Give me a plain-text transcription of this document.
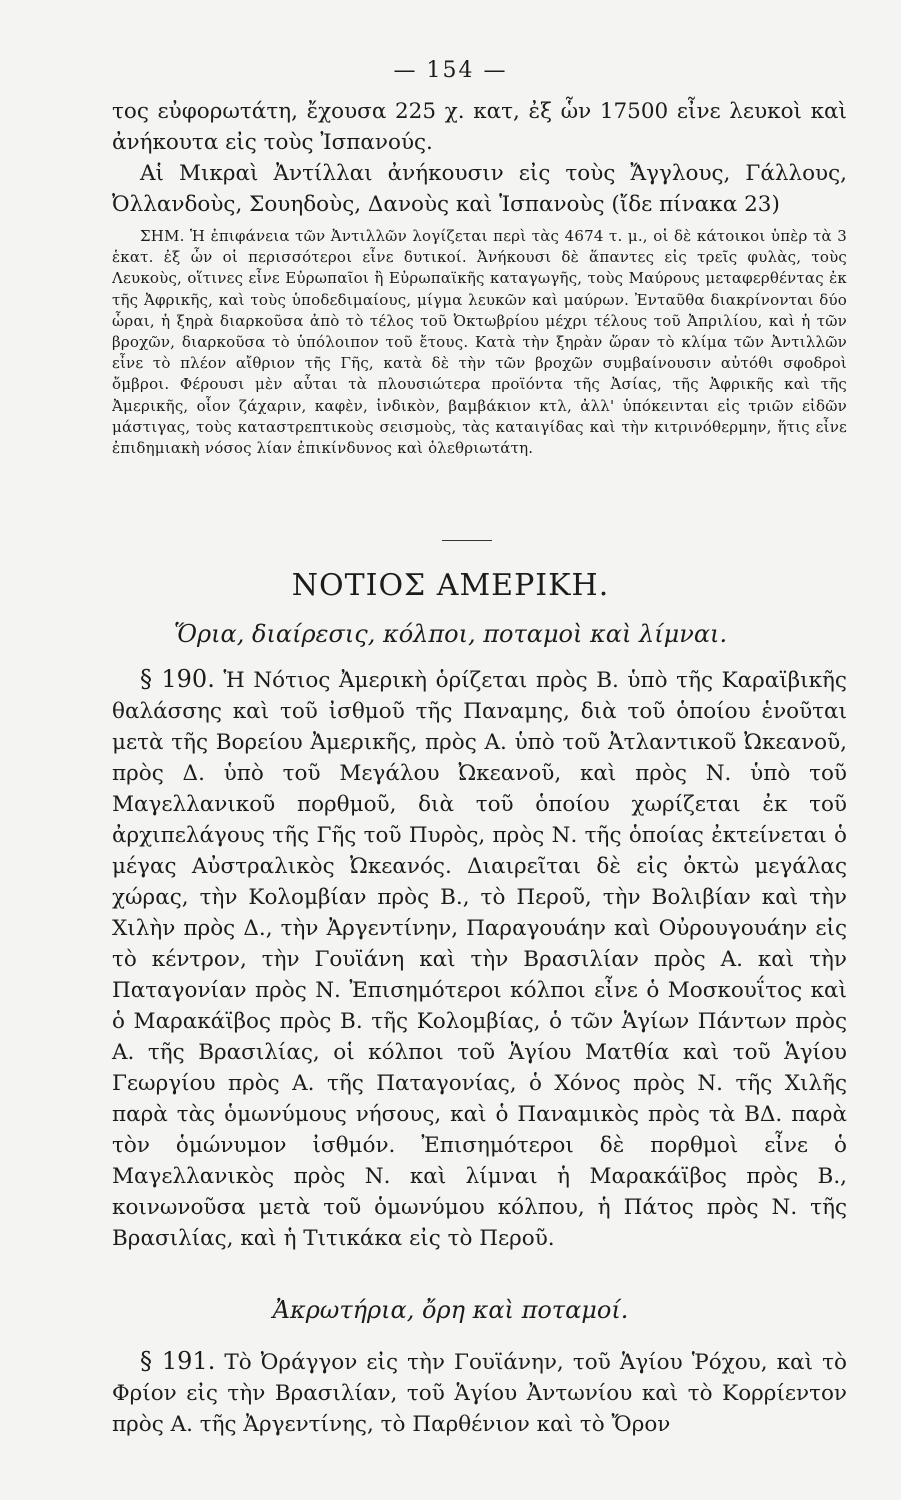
— 154 —

τος εὐφορωτάτη, ἔχουσα 225 χ. κατ, ἐξ ὧν 17500 εἶνε λευκοὶ καὶ ἀνήκουτα εἰς τοὺς Ἰσπανούς.

Αἱ Μικραὶ Ἀντίλλαι ἀνήκουσιν εἰς τοὺς Ἄγγλους, Γάλλους, Ὀλλανδοὺς, Σουηδοὺς, Δανοὺς καὶ Ἱσπανοὺς (ἴδε πίνακα 23)

ΣΗΜ. Ἡ ἐπιφάνεια τῶν Ἀντιλλῶν λογίζεται περὶ τὰς 4674 τ. μ., οἱ δὲ κάτοικοι ὑπὲρ τὰ 3 ἑκατ. ἐξ ὧν οἱ περισσότεροι εἶνε δυτικοί. Ἀνήκουσι δὲ ἅπαντες εἰς τρεῖς φυλὰς, τοὺς Λευκοὺς, οἵτινες εἶνε Εὐρωπαῖοι ἢ Εὐρωπαϊκῆς καταγωγῆς, τοὺς Μαύρους μεταφερθέντας ἐκ τῆς Ἀφρικῆς, καὶ τοὺς ὑποδεδιμαίους, μίγμα λευκῶν καὶ μαύρων. Ἐνταῦθα διακρίνονται δύο ὧραι, ἡ ξηρὰ διαρκοῦσα ἀπὸ τὸ τέλος τοῦ Ὀκτωβρίου μέχρι τέλους τοῦ Ἀπριλίου, καὶ ἡ τῶν βροχῶν, διαρκοῦσα τὸ ὑπόλοιπον τοῦ ἔτους. Κατὰ τὴν ξηρὰν ὥραν τὸ κλίμα τῶν Ἀντιλλῶν εἶνε τὸ πλέον αἴθριον τῆς Γῆς, κατὰ δὲ τὴν τῶν βροχῶν συμβαίνουσιν αὐτόθι σφοδροὶ ὄμβροι. Φέρουσι μὲν αὗται τὰ πλουσιώτερα προϊόντα τῆς Ἀσίας, τῆς Ἀφρικῆς καὶ τῆς Ἀμερικῆς, οἷον ζάχαριν, καφὲν, ἰνδικὸν, βαμβάκιον κτλ, ἀλλ' ὑπόκεινται εἰς τριῶν εἰδῶν μάστιγας, τοὺς καταστρεπτικοὺς σεισμοὺς, τὰς καταιγίδας καὶ τὴν κιτρινόθερμην, ἥτις εἶνε ἐπιδημιακὴ νόσος λίαν ἐπικίνδυνος καὶ ὀλεθριωτάτη.

ΝΟΤΙΟΣ ΑΜΕΡΙΚΗ.
Ὅρια, διαίρεσις, κόλποι, ποταμοὶ καὶ λίμναι.

§ 190. Ἡ Νότιος Ἀμερικὴ ὁρίζεται πρὸς Β. ὑπὸ τῆς Καραϊβικῆς θαλάσσης καὶ τοῦ ἰσθμοῦ τῆς Παναμης, διὰ τοῦ ὁποίου ἑνοῦται μετὰ τῆς Βορείου Ἀμερικῆς, πρὸς Α. ὑπὸ τοῦ Ἀτλαντικοῦ Ὠκεανοῦ, πρὸς Δ. ὑπὸ τοῦ Μεγάλου Ὠκεανοῦ, καὶ πρὸς Ν. ὑπὸ τοῦ Μαγελλανικοῦ πορθμοῦ, διὰ τοῦ ὁποίου χωρίζεται ἐκ τοῦ ἀρχιπελάγους τῆς Γῆς τοῦ Πυρὸς, πρὸς Ν. τῆς ὁποίας ἐκτείνεται ὁ μέγας Αὐστραλικὸς Ὠκεανός. Διαιρεῖται δὲ εἰς ὀκτὼ μεγάλας χώρας, τὴν Κολομβίαν πρὸς Β., τὸ Περοῦ, τὴν Βολιβίαν καὶ τὴν Χιλὴν πρὸς Δ., τὴν Ἀργεντίνην, Παραγουάην καὶ Οὐρουγουάην εἰς τὸ κέντρον, τὴν Γουϊάνη καὶ τὴν Βρασιλίαν πρὸς Α. καὶ τὴν Παταγονίαν πρὸς Ν. Ἐπισημότεροι κόλποι εἶνε ὁ Μοσκουΐτος καὶ ὁ Μαρακάϊβος πρὸς Β. τῆς Κολομβίας, ὁ τῶν Ἁγίων Πάντων πρὸς Α. τῆς Βρασιλίας, οἱ κόλποι τοῦ Ἁγίου Ματθία καὶ τοῦ Ἁγίου Γεωργίου πρὸς Α. τῆς Παταγονίας, ὁ Χόνος πρὸς Ν. τῆς Χιλῆς παρὰ τὰς ὁμωνύμους νήσους, καὶ ὁ Παναμικὸς πρὸς τὰ ΒΔ. παρὰ τὸν ὁμώνυμον ἰσθμόν. Ἐπισημότεροι δὲ πορθμοὶ εἶνε ὁ Μαγελλανικὸς πρὸς Ν. καὶ λίμναι ἡ Μαρακάϊβος πρὸς Β., κοινωνοῦσα μετὰ τοῦ ὁμωνύμου κόλπου, ἡ Πάτος πρὸς Ν. τῆς Βρασιλίας, καὶ ἡ Τιτικάκα εἰς τὸ Περοῦ.

Ἀκρωτήρια, ὄρη καὶ ποταμοί.

§ 191. Τὸ Ὀράγγον εἰς τὴν Γουϊάνην, τοῦ Ἁγίου Ῥόχου, καὶ τὸ Φρίον εἰς τὴν Βρασιλίαν, τοῦ Ἁγίου Ἀντωνίου καὶ τὸ Κορρίεντον πρὸς Α. τῆς Ἀργεντίνης, τὸ Παρθένιον καὶ τὸ Ὄρον
